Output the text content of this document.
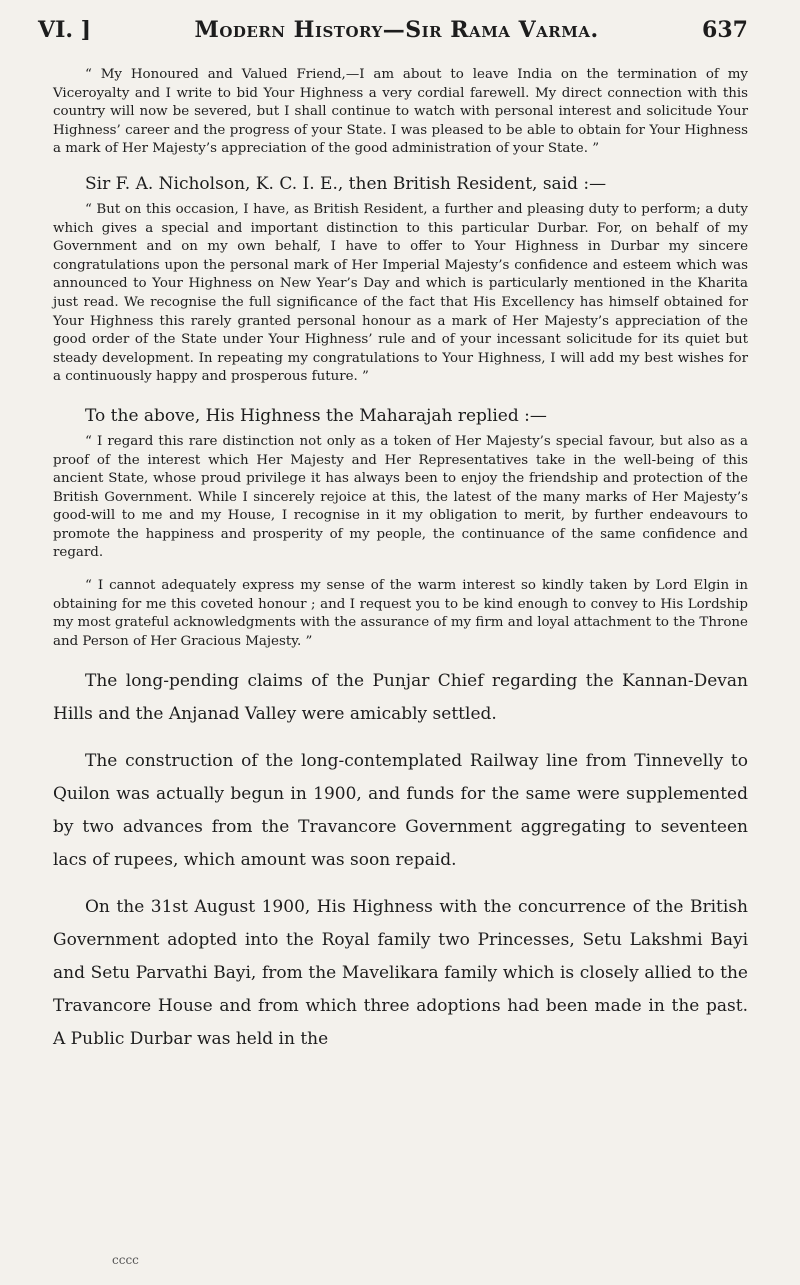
VI. ]	Modern History—Sir Rama Varma.	637

“ My Honoured and Valued Friend,—I am about to leave India on the termination of my Viceroyalty and I write to bid Your Highness a very cordial farewell. My direct connection with this country will now be severed, but I shall continue to watch with personal interest and solicitude Your Highness’ career and the progress of your State. I was pleased to be able to obtain for Your Highness a mark of Her Majesty’s appreciation of the good administration of your State. ”

Sir F. A. Nicholson, K. C. I. E., then British Resident, said :—

“ But on this occasion, I have, as British Resident, a further and pleasing duty to perform; a duty which gives a special and important distinction to this particular Durbar. For, on behalf of my Government and on my own behalf, I have to offer to Your Highness in Durbar my sincere congratulations upon the personal mark of Her Imperial Majesty’s confidence and esteem which was announced to Your Highness on New Year’s Day and which is particularly mentioned in the Kharita just read. We recognise the full significance of the fact that His Excellency has himself obtained for Your Highness this rarely granted personal honour as a mark of Her Majesty’s appreciation of the good order of the State under Your Highness’ rule and of your incessant solicitude for its quiet but steady development. In repeating my congratulations to Your Highness, I will add my best wishes for a continuously happy and prosperous future. ”

To the above, His Highness the Maharajah replied :—

“ I regard this rare distinction not only as a token of Her Majesty’s special favour, but also as a proof of the interest which Her Majesty and Her Representatives take in the well-being of this ancient State, whose proud privilege it has always been to enjoy the friendship and protection of the British Government. While I sincerely rejoice at this, the latest of the many marks of Her Majesty’s good-will to me and my House, I recognise in it my obligation to merit, by further endeavours to promote the happiness and prosperity of my people, the continuance of the same confidence and regard.

“ I cannot adequately express my sense of the warm interest so kindly taken by Lord Elgin in obtaining for me this coveted honour ; and I request you to be kind enough to convey to His Lordship my most grateful acknowledgments with the assurance of my firm and loyal attachment to the Throne and Person of Her Gracious Majesty. ”

The long-pending claims of the Punjar Chief regarding the Kannan-Devan Hills and the Anjanad Valley were amicably settled.

The construction of the long-contemplated Railway line from Tinnevelly to Quilon was actually begun in 1900, and funds for the same were supplemented by two advances from the Travancore Government aggregating to seventeen lacs of rupees, which amount was soon repaid.

On the 31st August 1900, His Highness with the concurrence of the British Government adopted into the Royal family two Princesses, Setu Lakshmi Bayi and Setu Parvathi Bayi, from the Mavelikara family which is closely allied to the Travancore House and from which three adoptions had been made in the past. A Public Durbar was held in the

cccc
